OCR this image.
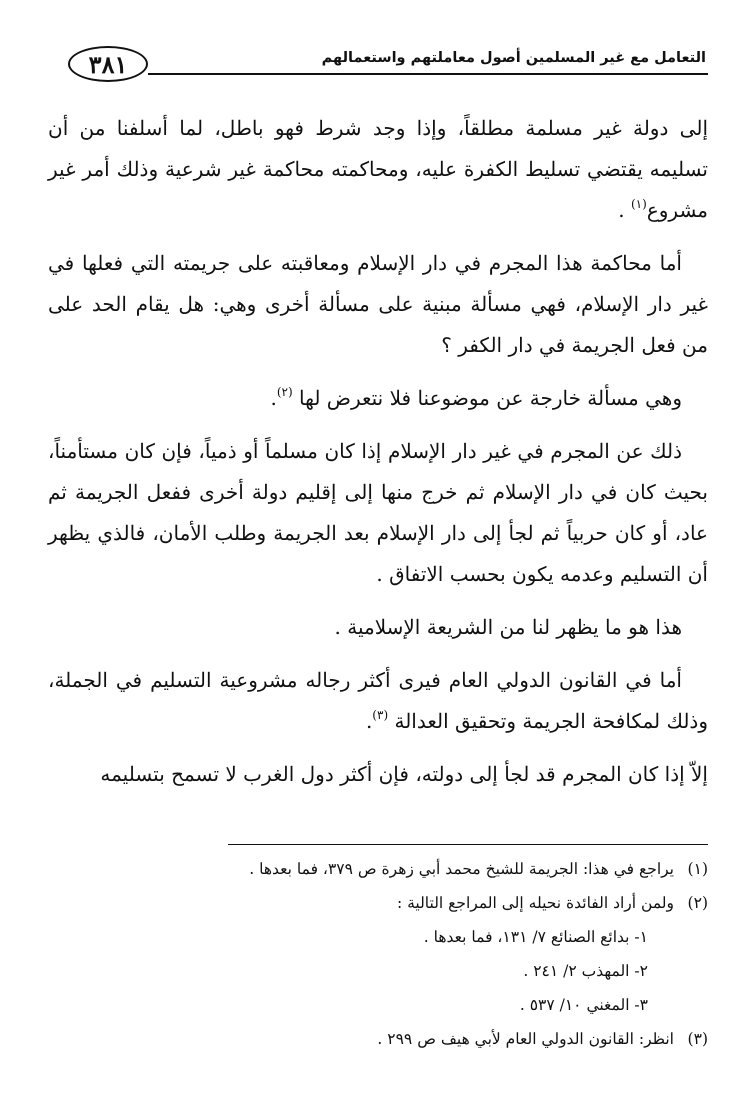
٣٨١	التعامل مع غير المسلمين أصول معاملتهم واستعمالهم

إلى دولة غير مسلمة مطلقاً، وإذا وجد شرط فهو باطل، لما أسلفنا من أن تسليمه يقتضي تسليط الكفرة عليه، ومحاكمته محاكمة غير شرعية وذلك أمر غير مشروع$^{(١)}$ .

أما محاكمة هذا المجرم في دار الإسلام ومعاقبته على جريمته التي فعلها في غير دار الإسلام، فهي مسألة مبنية على مسألة أخرى وهي: هل يقام الحد على من فعل الجريمة في دار الكفر ؟

وهي مسألة خارجة عن موضوعنا فلا نتعرض لها $^{(٢)}$.

ذلك عن المجرم في غير دار الإسلام إذا كان مسلماً أو ذمياً، فإن كان مستأمناً، بحيث كان في دار الإسلام ثم خرج منها إلى إقليم دولة أخرى ففعل الجريمة ثم عاد، أو كان حربياً ثم لجأ إلى دار الإسلام بعد الجريمة وطلب الأمان، فالذي يظهر أن التسليم وعدمه يكون بحسب الاتفاق .

هذا هو ما يظهر لنا من الشريعة الإسلامية .

أما في القانون الدولي العام فيرى أكثر رجاله مشروعية التسليم في الجملة، وذلك لمكافحة الجريمة وتحقيق العدالة $^{(٣)}$.

إلاّ إذا كان المجرم قد لجأ إلى دولته، فإن أكثر دول الغرب لا تسمح بتسليمه

(١)يراجع في هذا: الجريمة للشيخ محمد أبي زهرة ص ٣٧٩، فما بعدها .
(٢)ولمن أراد الفائدة نحيله إلى المراجع التالية :
١- بدائع الصنائع ٧/ ١٣١، فما بعدها .
٢- المهذب ٢/ ٢٤١ .
٣- المغني ١٠/ ٥٣٧ .
(٣)انظر: القانون الدولي العام لأبي هيف ص ٢٩٩ .
